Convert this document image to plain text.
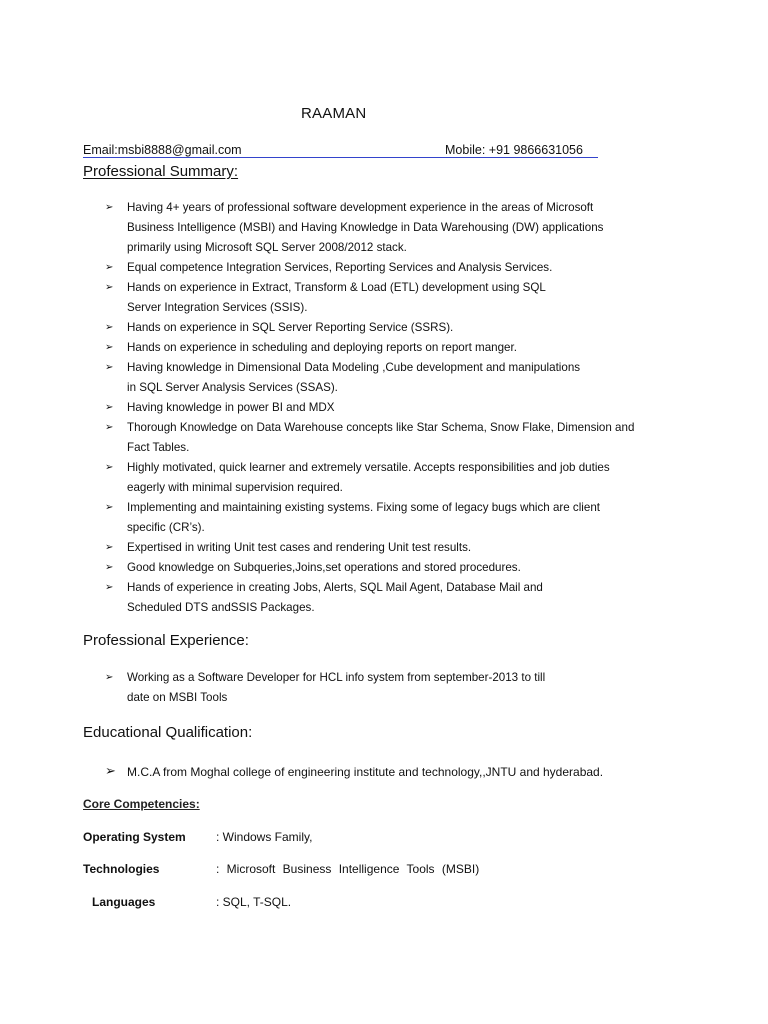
RAAMAN
Email:msbi8888@gmail.com	Mobile: +91 9866631056
Professional Summary:
➢ Having 4+ years of professional software development experience in the areas of Microsoft
Business Intelligence (MSBI) and Having Knowledge in Data Warehousing (DW) applications
primarily using Microsoft SQL Server 2008/2012 stack.
➢ Equal competence Integration Services, Reporting Services and Analysis Services.
➢ Hands on experience in Extract, Transform & Load (ETL) development using SQL
Server Integration Services (SSIS).
➢ Hands on experience in SQL Server Reporting Service (SSRS).
➢ Hands on experience in scheduling and deploying reports on report manger.
➢ Having knowledge in Dimensional Data Modeling ,Cube development and manipulations
in SQL Server Analysis Services (SSAS).
➢ Having knowledge in power BI and MDX
➢ Thorough Knowledge on Data Warehouse concepts like Star Schema, Snow Flake, Dimension and
Fact Tables.
➢ Highly motivated, quick learner and extremely versatile. Accepts responsibilities and job duties
eagerly with minimal supervision required.
➢ Implementing and maintaining existing systems. Fixing some of legacy bugs which are client
specific (CR’s).
➢ Expertised in writing Unit test cases and rendering Unit test results.
➢ Good knowledge on Subqueries,Joins,set operations and stored procedures.
➢ Hands of experience in creating Jobs, Alerts, SQL Mail Agent, Database Mail and
Scheduled DTS andSSIS Packages.
Professional Experience:
➢ Working as a Software Developer for HCL info system from september-2013 to till
date on MSBI Tools
Educational Qualification:
➢ M.C.A from Moghal college of engineering institute and technology,,JNTU and hyderabad.
Core Competencies:
Operating System	: Windows Family,
Technologies	: Microsoft Business Intelligence Tools (MSBI)
Languages	: SQL, T-SQL.
